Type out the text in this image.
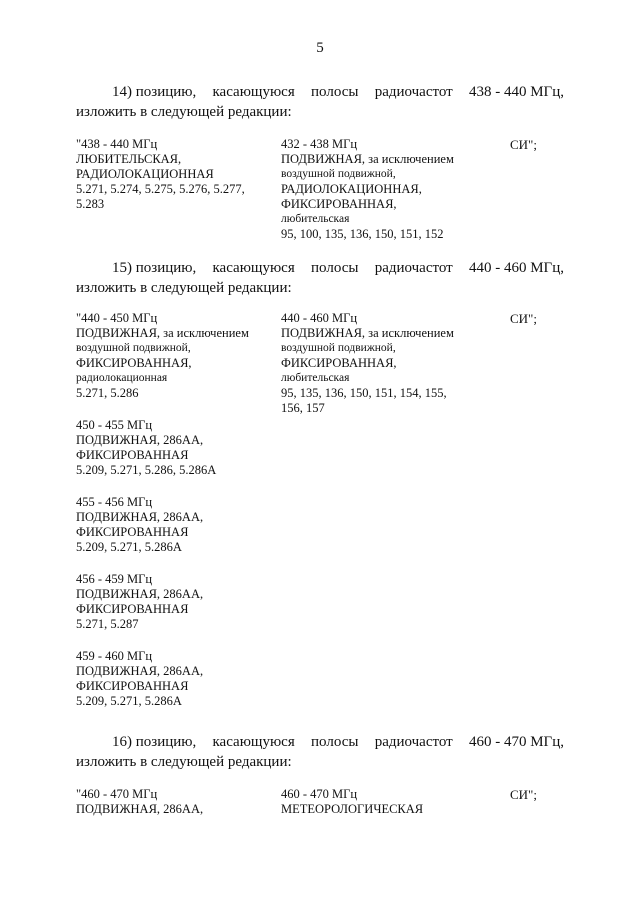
5
14) позицию, касающуюся полосы радиочастот 438 - 440 МГц,
изложить в следующей редакции:
"438 - 440 МГц
ЛЮБИТЕЛЬСКАЯ,
РАДИОЛОКАЦИОННАЯ
5.271, 5.274, 5.275, 5.276, 5.277,
5.283
432 - 438 МГц
ПОДВИЖНАЯ, за исключением
воздушной подвижной,
РАДИОЛОКАЦИОННАЯ,
ФИКСИРОВАННАЯ,
любительская
95, 100, 135, 136, 150, 151, 152
СИ";
15) позицию, касающуюся полосы радиочастот 440 - 460 МГц,
изложить в следующей редакции:
"440 - 450 МГц
ПОДВИЖНАЯ, за исключением
воздушной подвижной,
ФИКСИРОВАННАЯ,
радиолокационная
5.271, 5.286
450 - 455 МГц
ПОДВИЖНАЯ, 286АА,
ФИКСИРОВАННАЯ
5.209, 5.271, 5.286, 5.286А
455 - 456 МГц
ПОДВИЖНАЯ, 286АА,
ФИКСИРОВАННАЯ
5.209, 5.271, 5.286А
456 - 459 МГц
ПОДВИЖНАЯ, 286АА,
ФИКСИРОВАННАЯ
5.271, 5.287
459 - 460 МГц
ПОДВИЖНАЯ, 286АА,
ФИКСИРОВАННАЯ
5.209, 5.271, 5.286А
440 - 460 МГц
ПОДВИЖНАЯ, за исключением
воздушной подвижной,
ФИКСИРОВАННАЯ,
любительская
95, 135, 136, 150, 151, 154, 155,
156, 157
СИ";
16) позицию, касающуюся полосы радиочастот 460 - 470 МГц,
изложить в следующей редакции:
"460 - 470 МГц
ПОДВИЖНАЯ, 286АА,
460 - 470 МГц
МЕТЕОРОЛОГИЧЕСКАЯ
СИ";
